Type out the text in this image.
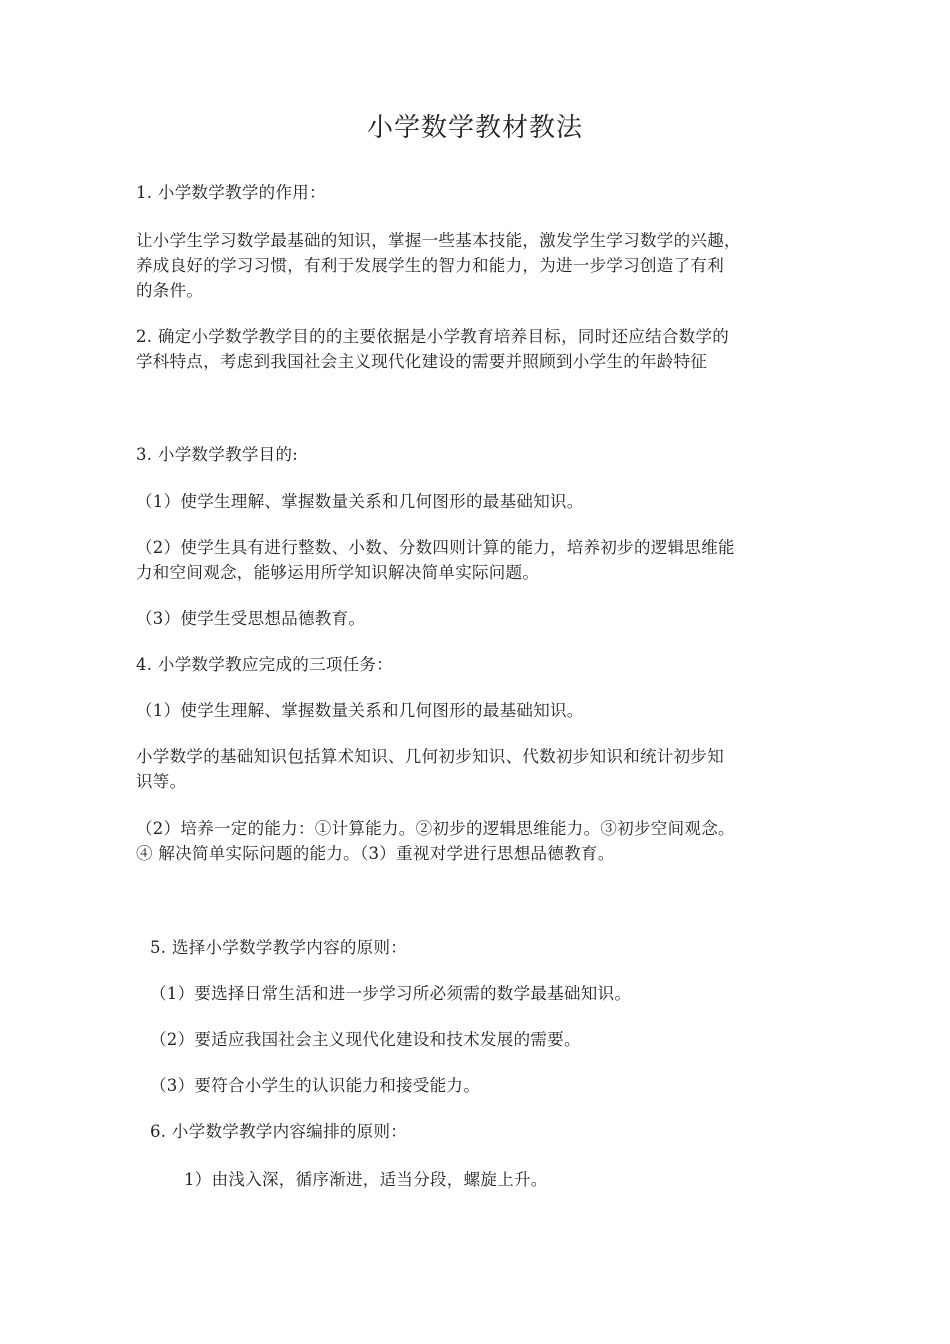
小学数学教材教法
1. 小学数学教学的作用：
让小学生学习数学最基础的知识，掌握一些基本技能，激发学生学习数学的兴趣，
养成良好的学习习惯，有利于发展学生的智力和能力，为进一步学习创造了有利
的条件。
2. 确定小学数学教学目的的主要依据是小学教育培养目标，同时还应结合数学的
学科特点，考虑到我国社会主义现代化建设的需要并照顾到小学生的年龄特征
3. 小学数学教学目的:
（1）使学生理解、掌握数量关系和几何图形的最基础知识。
（2）使学生具有进行整数、小数、分数四则计算的能力，培养初步的逻辑思维能
力和空间观念，能够运用所学知识解决简单实际问题。
（3）使学生受思想品德教育。
4. 小学数学教应完成的三项任务：
（1）使学生理解、掌握数量关系和几何图形的最基础知识。
小学数学的基础知识包括算术知识、几何初步知识、代数初步知识和统计初步知
识等。
（2）培养一定的能力：①计算能力。②初步的逻辑思维能力。③初步空间观念。
④ 解决简单实际问题的能力。（3）重视对学进行思想品德教育。
5. 选择小学数学教学内容的原则：
（1）要选择日常生活和进一步学习所必须需的数学最基础知识。
（2）要适应我国社会主义现代化建设和技术发展的需要。
（3）要符合小学生的认识能力和接受能力。
6. 小学数学教学内容编排的原则：
1）由浅入深，循序渐进，适当分段，螺旋上升。
